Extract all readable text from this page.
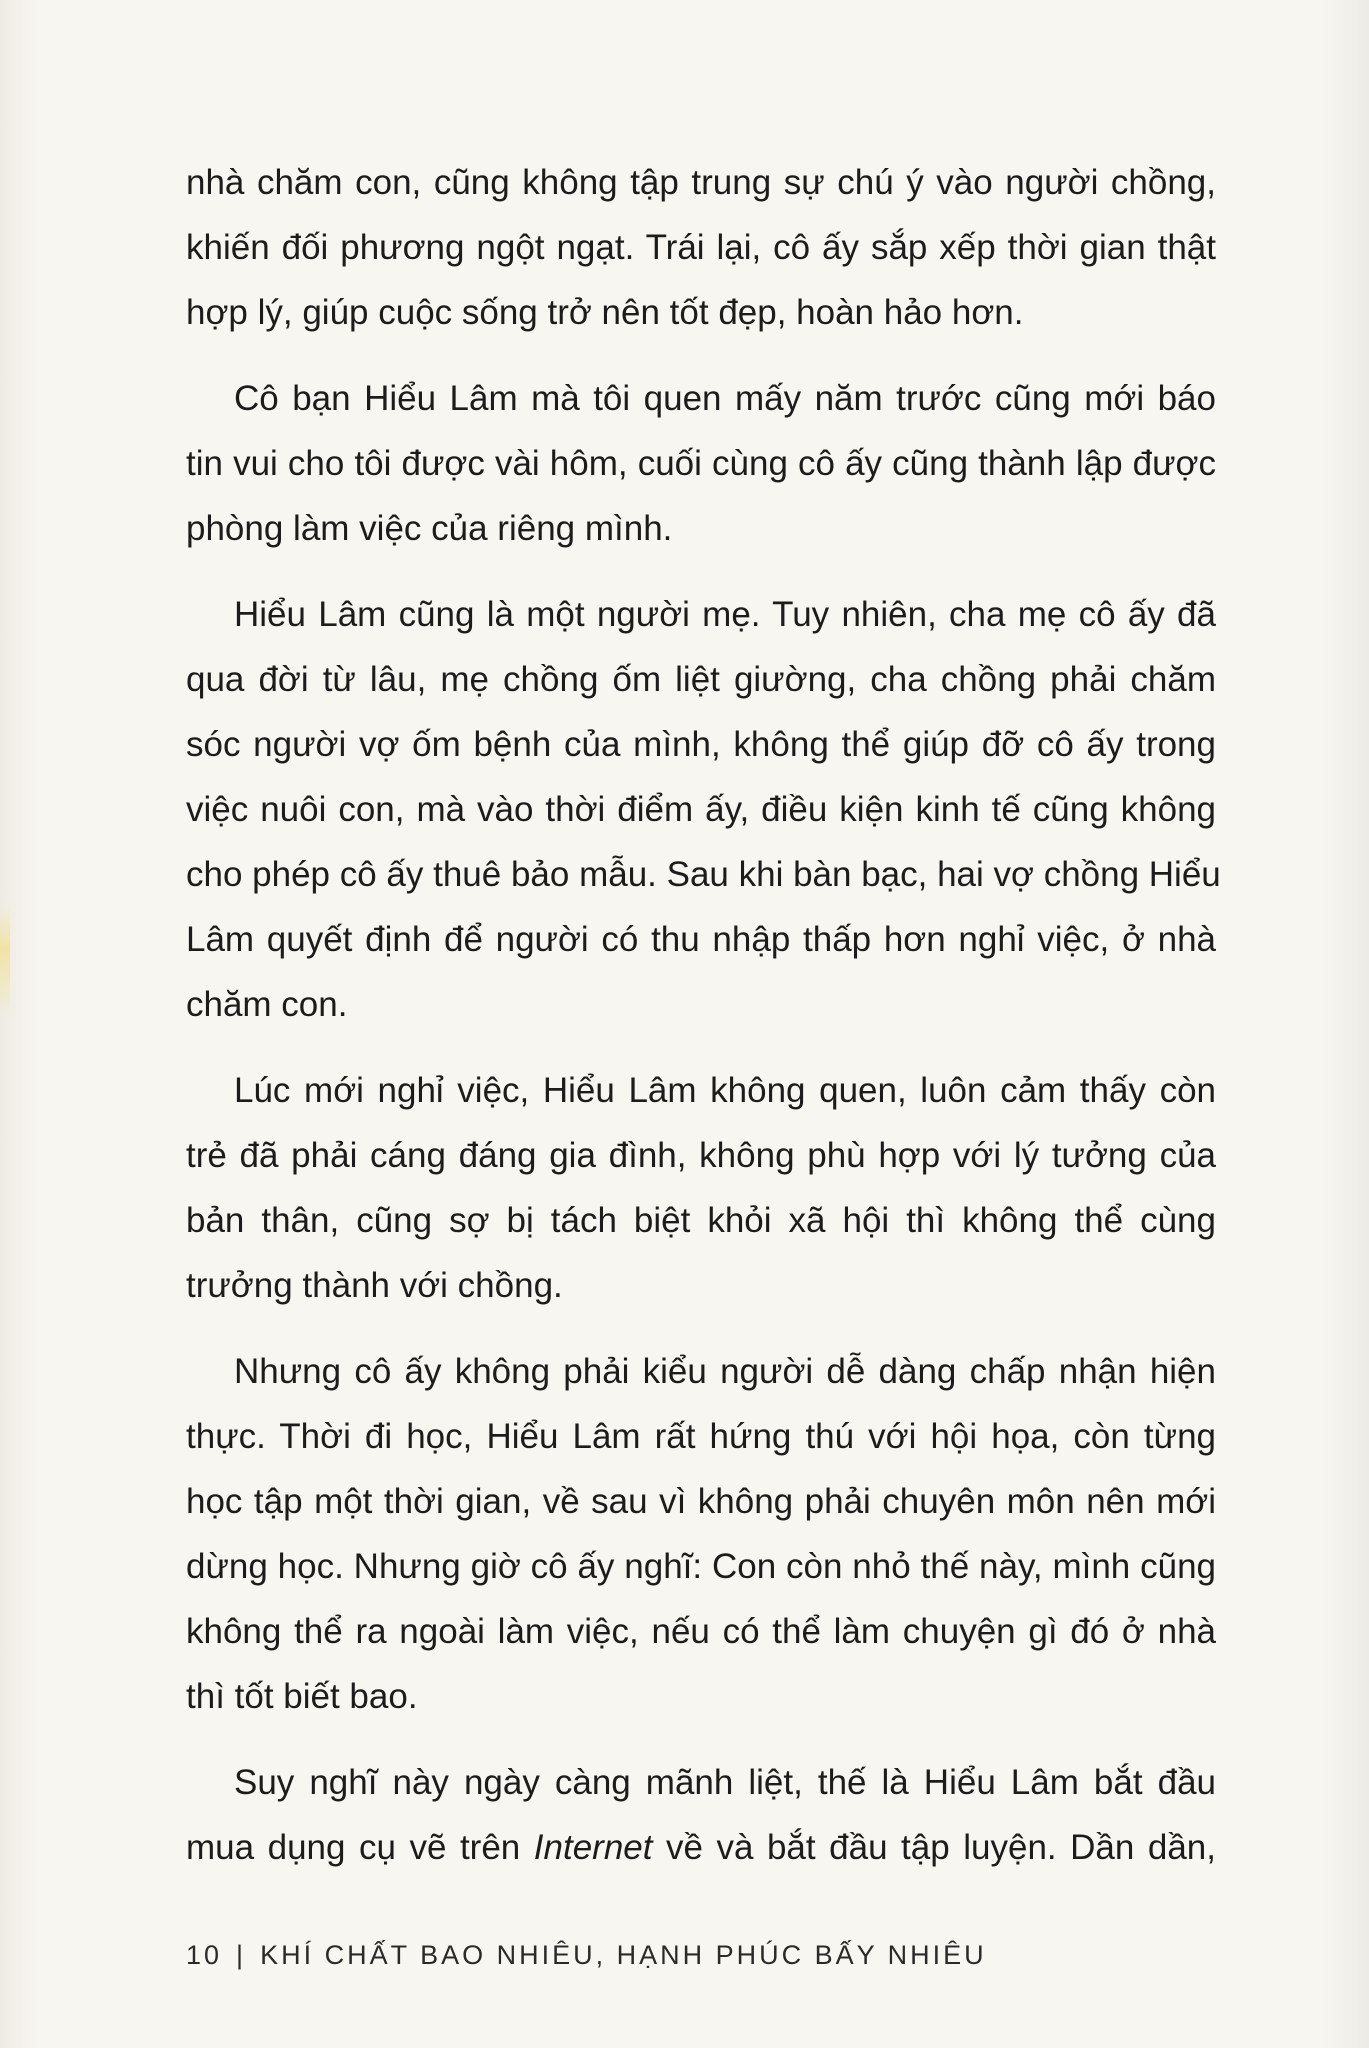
nhà chăm con, cũng không tập trung sự chú ý vào người chồng,
khiến đối phương ngột ngạt. Trái lại, cô ấy sắp xếp thời gian thật
hợp lý, giúp cuộc sống trở nên tốt đẹp, hoàn hảo hơn.
Cô bạn Hiểu Lâm mà tôi quen mấy năm trước cũng mới báo
tin vui cho tôi được vài hôm, cuối cùng cô ấy cũng thành lập được
phòng làm việc của riêng mình.
Hiểu Lâm cũng là một người mẹ. Tuy nhiên, cha mẹ cô ấy đã
qua đời từ lâu, mẹ chồng ốm liệt giường, cha chồng phải chăm
sóc người vợ ốm bệnh của mình, không thể giúp đỡ cô ấy trong
việc nuôi con, mà vào thời điểm ấy, điều kiện kinh tế cũng không
cho phép cô ấy thuê bảo mẫu. Sau khi bàn bạc, hai vợ chồng Hiểu
Lâm quyết định để người có thu nhập thấp hơn nghỉ việc, ở nhà
chăm con.
Lúc mới nghỉ việc, Hiểu Lâm không quen, luôn cảm thấy còn
trẻ đã phải cáng đáng gia đình, không phù hợp với lý tưởng của
bản thân, cũng sợ bị tách biệt khỏi xã hội thì không thể cùng
trưởng thành với chồng.
Nhưng cô ấy không phải kiểu người dễ dàng chấp nhận hiện
thực. Thời đi học, Hiểu Lâm rất hứng thú với hội họa, còn từng
học tập một thời gian, về sau vì không phải chuyên môn nên mới
dừng học. Nhưng giờ cô ấy nghĩ: Con còn nhỏ thế này, mình cũng
không thể ra ngoài làm việc, nếu có thể làm chuyện gì đó ở nhà
thì tốt biết bao.
Suy nghĩ này ngày càng mãnh liệt, thế là Hiểu Lâm bắt đầu
mua dụng cụ vẽ trên Internet về và bắt đầu tập luyện. Dần dần,
10 | KHÍ CHẤT BAO NHIÊU, HẠNH PHÚC BẤY NHIÊU
